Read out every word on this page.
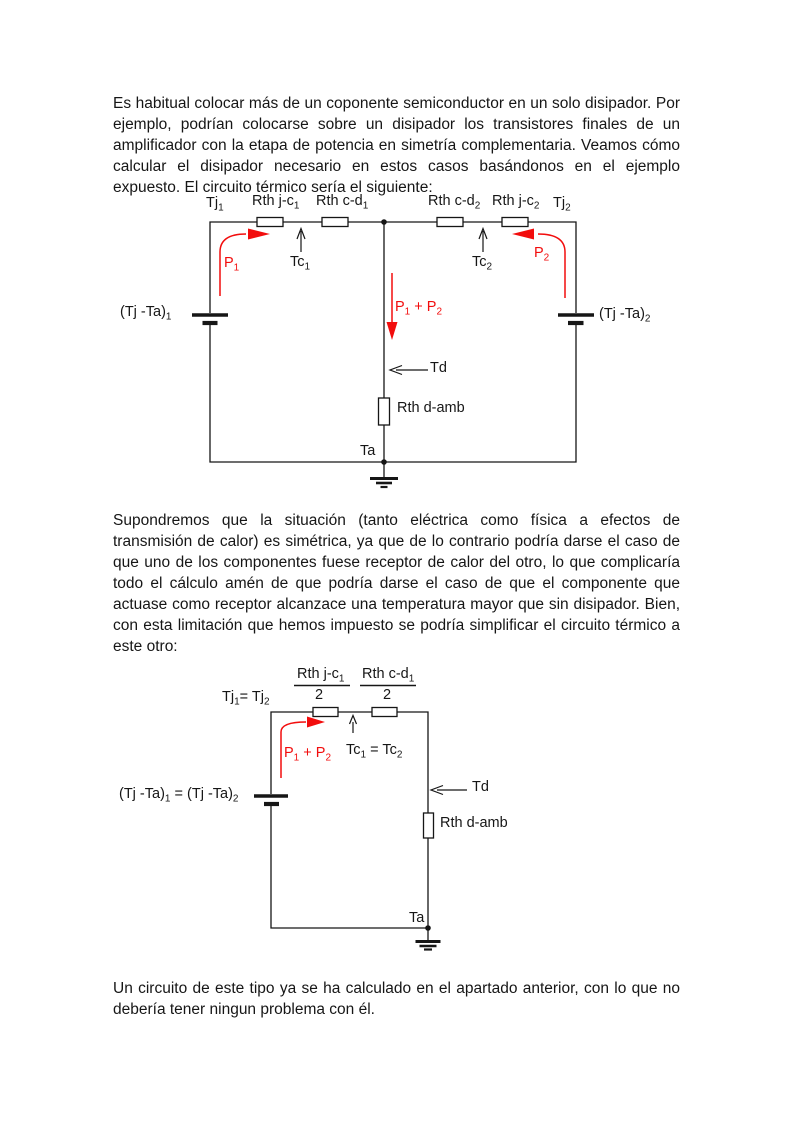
Es habitual colocar más de un coponente semiconductor en un solo disipador. Por ejemplo, podrían colocarse sobre un disipador los transistores finales de un amplificador con la etapa de potencia en simetría complementaria. Veamos cómo calcular el disipador necesario en estos casos basándonos en el ejemplo expuesto. El circuito térmico sería el siguiente:

$Tj_1$ Rth $j-c_1$ Rth $c-d_1$	Rth $c-d_2$ Rth $j-c_2$ $Tj_2$
$Tc_1$	$Tc_2$
$P_1$
$P_2$
$P_1 + P_2$
(Tj $-Ta)_1$	(Tj $-Ta)_2$
Td
Rth d-amb
Ta

Supondremos que la situación (tanto eléctrica como física a efectos de transmisión de calor) es simétrica, ya que de lo contrario podría darse el caso de que uno de los componentes fuese receptor de calor del otro, lo que complicaría todo el cálculo amén de que podría darse el caso de que el componente que actuase como receptor alcanzace una temperatura mayor que sin disipador. Bien, con esta limitación que hemos impuesto se podría simplificar el circuito térmico a este otro:

$Tj_1= Tj_2$
Rth $j-c_1$
2
Rth $c-d_1$
2
$P_1 + P_2$ $Tc_1 = Tc_2$
(Tj $-Ta)_1 = (Tj$ $-Ta)_2$
Td
Rth d-amb
Ta

Un circuito de este tipo ya se ha calculado en el apartado anterior, con lo que no debería tener ningun problema con él.
